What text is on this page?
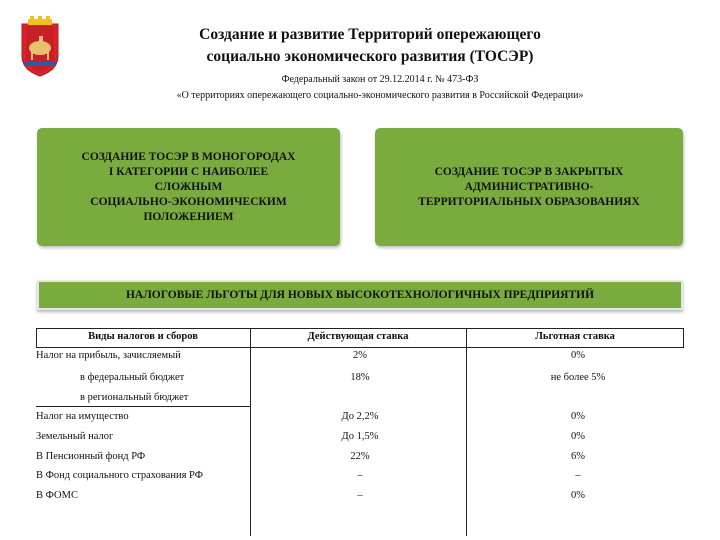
Создание и развитие Территорий опережающего
социально экономического развития (ТОСЭР)
Федеральный закон от 29.12.2014 г. № 473-ФЗ
«О территориях опережающего социально-экономического развития в Российской Федерации»
СОЗДАНИЕ ТОСЭР В МОНОГОРОДАХ
I КАТЕГОРИИ С НАИБОЛЕЕ
СЛОЖНЫМ
СОЦИАЛЬНО-ЭКОНОМИЧЕСКИМ
ПОЛОЖЕНИЕМ
СОЗДАНИЕ ТОСЭР В ЗАКРЫТЫХ
АДМИНИСТРАТИВНО-
ТЕРРИТОРИАЛЬНЫХ ОБРАЗОВАНИЯХ
НАЛОГОВЫЕ ЛЬГОТЫ ДЛЯ НОВЫХ ВЫСОКОТЕХНОЛОГИЧНЫХ ПРЕДПРИЯТИЙ
Виды налогов и сборов	Действующая ставка	Льготная ставка
Налог на прибыль, зачисляемый	2%	0%
в федеральный бюджет	18%	не более 5%
в региональный бюджет
Налог на имущество	До 2,2%	0%
Земельный налог	До 1,5%	0%
В Пенсионный фонд РФ	22%	6%
В Фонд социального страхования РФ	–	–
В ФОМС	–	0%
